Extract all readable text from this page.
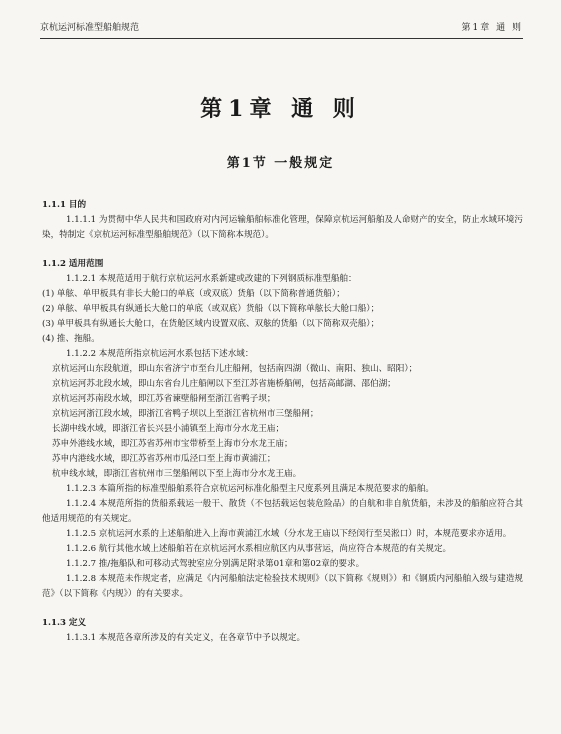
京杭运河标准型船舶规范	第1章 通 则
第1章 通 则
第1节 一般规定
1.1.1 目的
1.1.1.1 为贯彻中华人民共和国政府对内河运输船舶标准化管理，保障京杭运河船舶及人命财产的安全，防止水域环境污染，特制定《京杭运河标准型船舶规范》（以下简称本规范）。
1.1.2 适用范围
1.1.2.1 本规范适用于航行京杭运河水系新建或改建的下列钢质标准型船舶：
(1) 单舷、单甲板具有非长大舱口的单底（或双底）货船（以下简称普通货船）；
(2) 单舷、单甲板具有纵通长大舱口的单底（或双底）货船（以下简称单舷长大舱口船）；
(3) 单甲板具有纵通长大舱口，在货舱区域内设置双底、双舷的货船（以下简称双壳船）；
(4) 推、拖船。
1.1.2.2 本规范所指京杭运河水系包括下述水域：
京杭运河山东段航道，即山东省济宁市至台儿庄船闸，包括南四湖（微山、南阳、独山、昭阳）；
京杭运河苏北段水域，即山东省台儿庄船闸以下至江苏省施桥船闸，包括高邮湖、邵伯湖；
京杭运河苏南段水域，即江苏省谏壁船闸至浙江省鸭子坝；
京杭运河浙江段水域，即浙江省鸭子坝以上至浙江省杭州市三堡船闸；
长湖申线水域，即浙江省长兴县小浦镇至上海市分水龙王庙；
苏申外港线水域，即江苏省苏州市宝带桥至上海市分水龙王庙；
苏申内港线水域，即江苏省苏州市瓜泾口至上海市黄浦江；
杭申线水域，即浙江省杭州市三堡船闸以下至上海市分水龙王庙。
1.1.2.3 本篇所指的标准型船舶系符合京杭运河标准化船型主尺度系列且满足本规范要求的船舶。
1.1.2.4 本规范所指的货船系载运一般干、散货（不包括载运包装危险品）的自航和非自航货船，未涉及的船舶应符合其他适用规范的有关规定。
1.1.2.5 京杭运河水系的上述船舶进入上海市黄浦江水域（分水龙王庙以下经闵行至吴淞口）时，本规范要求亦适用。
1.1.2.6 航行其他水域上述船舶若在京杭运河水系相应航区内从事营运，尚应符合本规范的有关规定。
1.1.2.7 推/拖船队和可移动式驾驶室应分别满足附录第01章和第02章的要求。
1.1.2.8 本规范未作规定者，应满足《内河船舶法定检验技术规则》（以下简称《规则》）和《钢质内河船舶入级与建造规范》（以下简称《内规》）的有关要求。
1.1.3 定义
1.1.3.1 本规范各章所涉及的有关定义，在各章节中予以规定。
